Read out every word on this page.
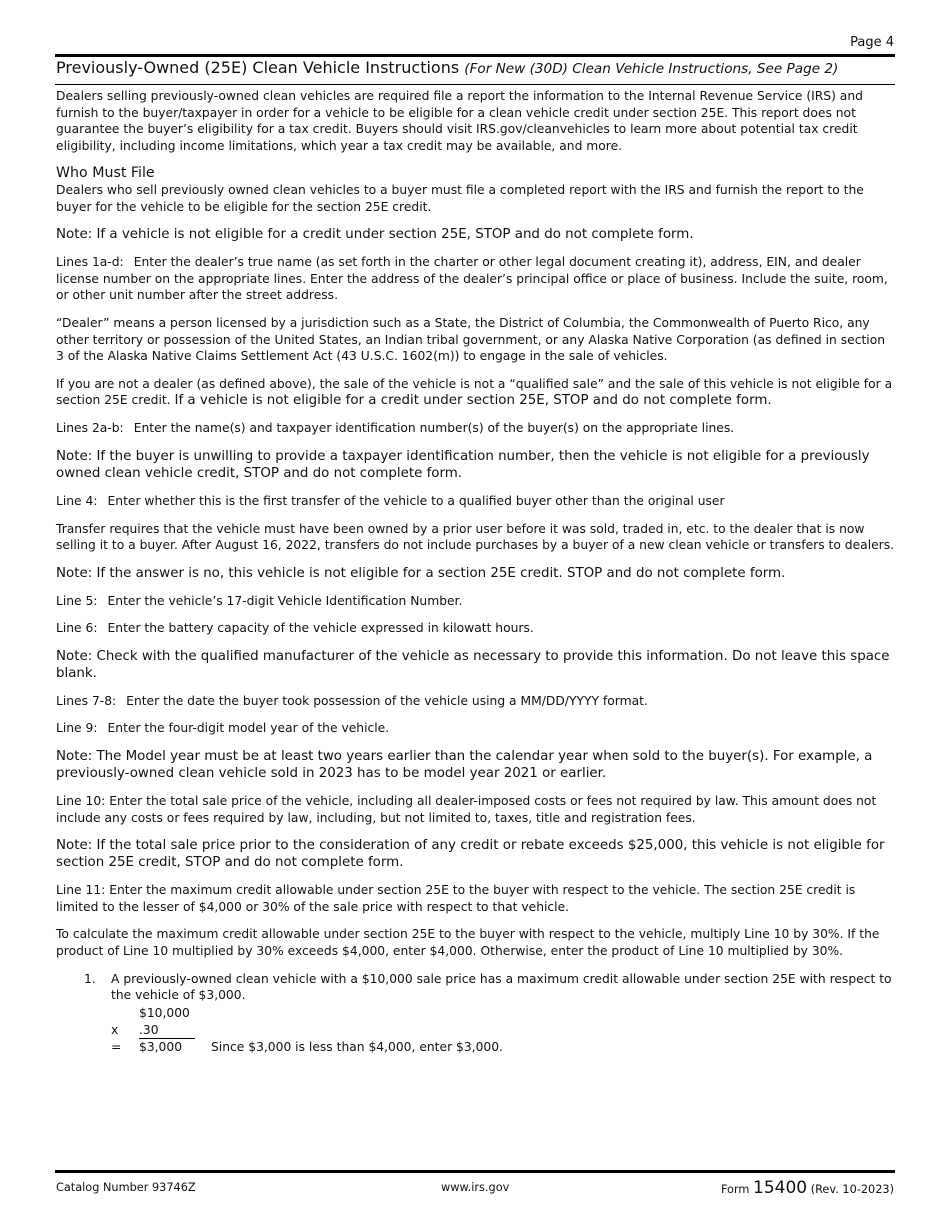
Page 4
Previously-Owned (25E) Clean Vehicle Instructions (For New (30D) Clean Vehicle Instructions, See Page 2)

Dealers selling previously-owned clean vehicles are required file a report the information to the Internal Revenue Service (IRS) and furnish to the buyer/taxpayer in order for a vehicle to be eligible for a clean vehicle credit under section 25E. This report does not guarantee the buyer’s eligibility for a tax credit. Buyers should visit IRS.gov/cleanvehicles to learn more about potential tax credit eligibility, including income limitations, which year a tax credit may be available, and more.

Who Must File

Dealers who sell previously owned clean vehicles to a buyer must file a completed report with the IRS and furnish the report to the buyer for the vehicle to be eligible for the section 25E credit.

Note: If a vehicle is not eligible for a credit under section 25E, STOP and do not complete form.

Lines 1a-d: Enter the dealer’s true name (as set forth in the charter or other legal document creating it), address, EIN, and dealer license number on the appropriate lines. Enter the address of the dealer’s principal office or place of business. Include the suite, room, or other unit number after the street address.

“Dealer” means a person licensed by a jurisdiction such as a State, the District of Columbia, the Commonwealth of Puerto Rico, any other territory or possession of the United States, an Indian tribal government, or any Alaska Native Corporation (as defined in section 3 of the Alaska Native Claims Settlement Act (43 U.S.C. 1602(m)) to engage in the sale of vehicles.

If you are not a dealer (as defined above), the sale of the vehicle is not a “qualified sale” and the sale of this vehicle is not eligible for a section 25E credit. If a vehicle is not eligible for a credit under section 25E, STOP and do not complete form.

Lines 2a-b: Enter the name(s) and taxpayer identification number(s) of the buyer(s) on the appropriate lines.

Note: If the buyer is unwilling to provide a taxpayer identification number, then the vehicle is not eligible for a previously owned clean vehicle credit, STOP and do not complete form.

Line 4: Enter whether this is the first transfer of the vehicle to a qualified buyer other than the original user

Transfer requires that the vehicle must have been owned by a prior user before it was sold, traded in, etc. to the dealer that is now selling it to a buyer. After August 16, 2022, transfers do not include purchases by a buyer of a new clean vehicle or transfers to dealers.

Note: If the answer is no, this vehicle is not eligible for a section 25E credit. STOP and do not complete form.

Line 5: Enter the vehicle’s 17-digit Vehicle Identification Number.

Line 6: Enter the battery capacity of the vehicle expressed in kilowatt hours.

Note: Check with the qualified manufacturer of the vehicle as necessary to provide this information. Do not leave this space blank.

Lines 7-8: Enter the date the buyer took possession of the vehicle using a MM/DD/YYYY format.

Line 9: Enter the four-digit model year of the vehicle.

Note: The Model year must be at least two years earlier than the calendar year when sold to the buyer(s). For example, a previously-owned clean vehicle sold in 2023 has to be model year 2021 or earlier.

Line 10: Enter the total sale price of the vehicle, including all dealer-imposed costs or fees not required by law. This amount does not include any costs or fees required by law, including, but not limited to, taxes, title and registration fees.

Note: If the total sale price prior to the consideration of any credit or rebate exceeds $25,000, this vehicle is not eligible for section 25E credit, STOP and do not complete form.

Line 11: Enter the maximum credit allowable under section 25E to the buyer with respect to the vehicle. The section 25E credit is limited to the lesser of $4,000 or 30% of the sale price with respect to that vehicle.

To calculate the maximum credit allowable under section 25E to the buyer with respect to the vehicle, multiply Line 10 by 30%. If the product of Line 10 multiplied by 30% exceeds $4,000, enter $4,000. Otherwise, enter the product of Line 10 multiplied by 30%.

1. A previously-owned clean vehicle with a $10,000 sale price has a maximum credit allowable under section 25E with respect to the vehicle of $3,000.

$10,000
x .30
= $3,000 Since $3,000 is less than $4,000, enter $3,000.
Catalog Number 93746Z	www.irs.gov	Form 15400 (Rev. 10-2023)
